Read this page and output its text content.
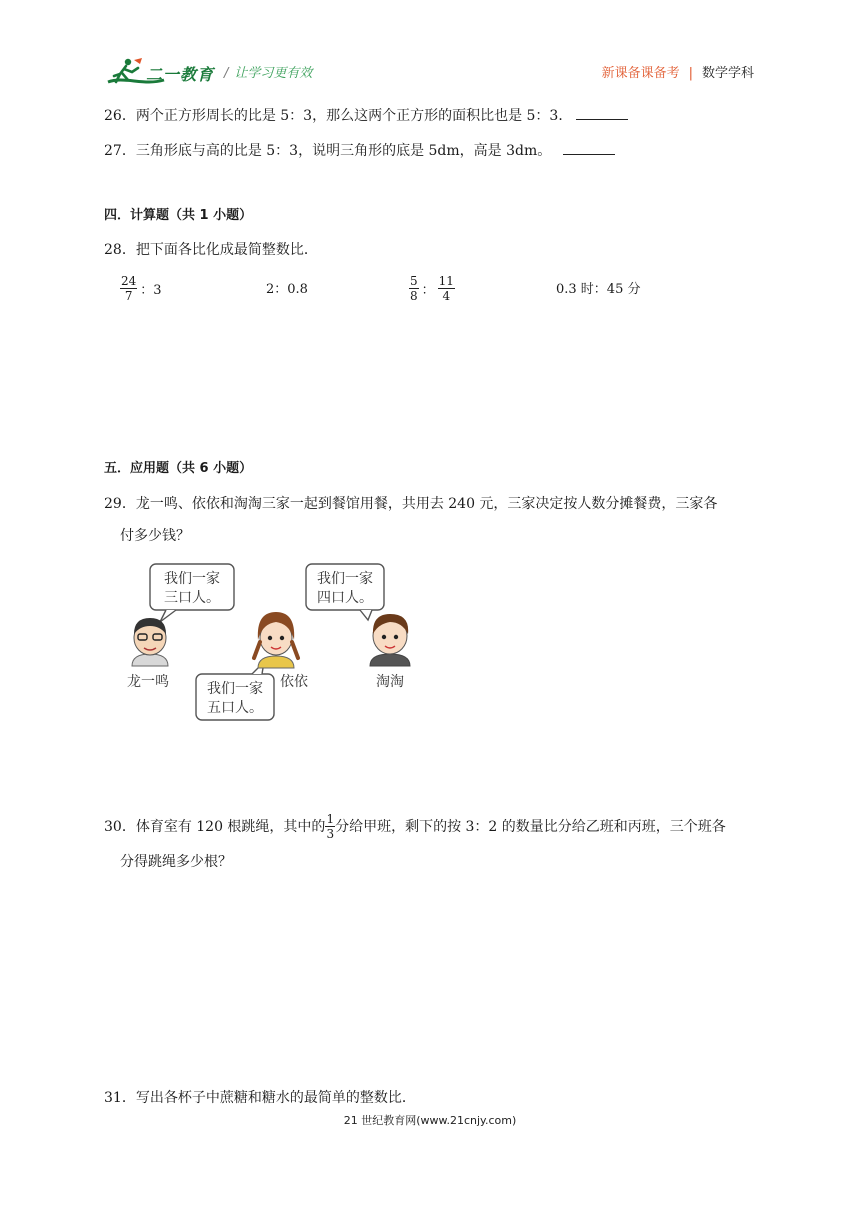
二一教育 / 让学习更有效	新课备课备考 | 数学学科
26．两个正方形周长的比是 5：3，那么这两个正方形的面积比也是 5：3．
27．三角形底与高的比是 5：3，说明三角形的底是 5dm，高是 3dm。
四．计算题（共 1 小题）
28．把下面各比化成最简整数比．
$\frac{24}{7}$ ：3	2：0.8	$\frac{5}{8}$ ： $\frac{11}{4}$	0.3 时：45 分
五．应用题（共 6 小题）
29．龙一鸣、依依和淘淘三家一起到餐馆用餐，共用去 240 元，三家决定按人数分摊餐费，三家各
付多少钱？
我们一家
三口人。
我们一家
四口人。
我们一家
五口人。
龙一鸣	依依	淘淘
30．体育室有 120 根跳绳，其中的 $\frac{1}{3}$ 分给甲班，剩下的按 3：2 的数量比分给乙班和丙班，三个班各
分得跳绳多少根？
31．写出各杯子中蔗糖和糖水的最简单的整数比．
21 世纪教育网(www.21cnjy.com)
